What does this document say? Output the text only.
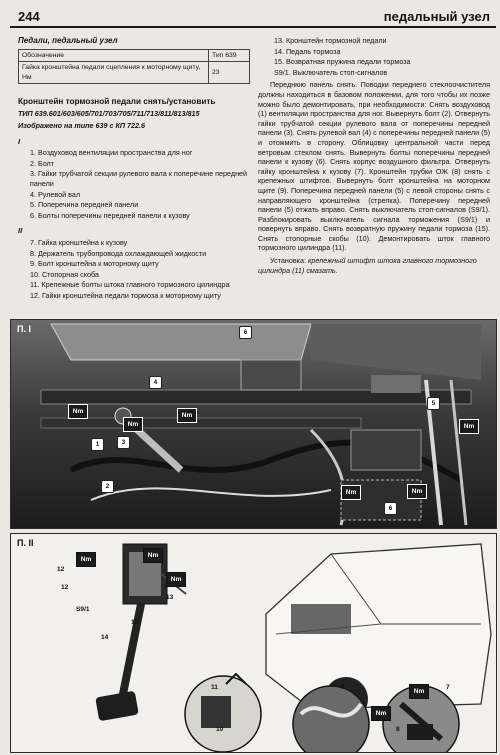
244	педальный узел
Педали, педальный узел
Обозначение	Тип 639
Гайка кронштейна педали сцепления к моторному щиту, Нм	23
Кронштейн тормозной педали снять/установить
ТИП 639.601/603/605/701/703/705/711/713/811/813/815
Изображено на типе 639 с КП 722.6
I
1. Воздуховод вентиляции пространства для ног
2. Болт
3. Гайки трубчатой секции рулевого вала к поперечине передней панели
4. Рулевой вал
5. Поперечина передней панели
6. Болты поперечины передней панели к кузову
II
7. Гайка кронштейна к кузову
8. Держатель трубопровода охлаждающей жидкости
9. Болт кронштейна к моторному щиту
10. Стопорная скоба
11. Крепежные болты штока главного тормозного цилиндра
12. Гайки кронштейна педали тормоза к моторному щиту
13. Кронштейн тормозной педали
14. Педаль тормоза
15. Возвратная пружина педали тормоза
S9/1. Выключатель стоп-сигналов
Переднюю панель снять. Поводки переднего стеклоочистителя должны находиться в базовом положении, для того чтобы их позже можно было демонтировать, при необходимости: Снять воздуховод (1) вентиляции пространства для ног. Вывернуть болт (2). Отвернуть гайки трубчатой секции рулевого вала от поперечины передней панели (3). Снять рулевой вал (4) с поперечины передней панели (5) и отожмить в сторону. Облицовку центральной части перед ветровым стеклом снять. Вывернуть болты поперечины передней панели к кузову (6). Снять корпус воздушного фильтра. Отвернуть гайку кронштейна к кузову (7). Кронштейн трубки ОЖ (8) снять с крепежных штифтов. Вывернуть болт кронштейна на моторном щите (9). Поперечина передней панели (5) с левой стороны снять с направляющего кронштейна (стрелка). Поперечину передней панели (5) отжать вправо. Снять выключатель стоп-сигналов (S9/1). Разблокировать выключатель сигнала торможения (S9/1) и повернуть вправо. Снять возвратную пружину педали тормоза (15). Снять стопорные скобы (10). Демонтировать шток главного тормозного цилиндра (11).
Установка: крепежный штифт штока главного тормозного цилиндра (11) смазать.
П. I
Nm
Nm
Nm
Nm	Nm
Nm
1
2
3
4
5
6
6
П. II
Nm
Nm
Nm
Nm
Nm
12
12
13
S9/1
15
14
11
10
9	7
8
